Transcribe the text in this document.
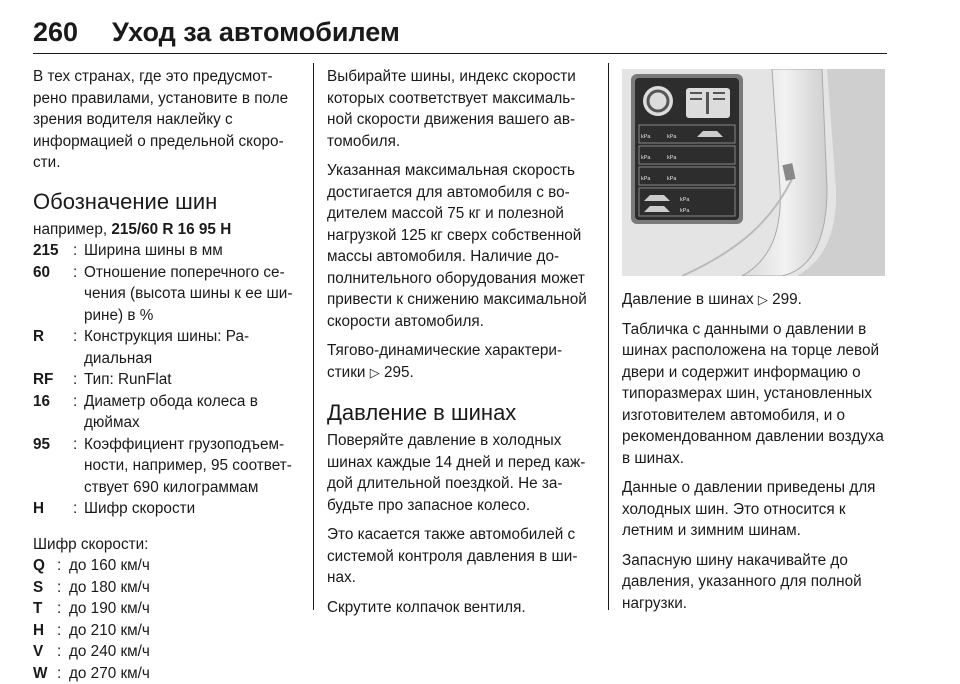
260 Уход за автомобилем

В тех странах, где это предусмотрено правилами, установите в поле зрения водителя наклейку с информацией о предельной скорости.

Обозначение шин
например, 215/60 R 16 95 H
215 : Ширина шины в мм
60	: Отношение поперечного сечения (высота шины к ее ширине) в %
R	: Конструкция шины: Радиальная
RF	: Тип: RunFlat
16	: Диаметр обода колеса в дюймах
95	: Коэффициент грузоподъемности, например, 95 соответствует 690 килограммам
H	: Шифр скорости

Шифр скорости:

Q : до 160 км/ч
S : до 180 км/ч
T : до 190 км/ч
H : до 210 км/ч
V : до 240 км/ч
W : до 270 км/ч

Выбирайте шины, индекс скорости которых соответствует максимальной скорости движения вашего автомобиля.

Указанная максимальная скорость достигается для автомобиля с водителем массой 75 кг и полезной нагрузкой 125 кг сверх собственной массы автомобиля. Наличие дополнительного оборудования может привести к снижению максимальной скорости автомобиля.

Тягово-динамические характеристики ▷ 295.

Давление в шинах

Поверяйте давление в холодных шинах каждые 14 дней и перед каждой длительной поездкой. Не забудьте про запасное колесо.

Это касается также автомобилей с системой контроля давления в шинах.

Скрутите колпачок вентиля.

kPa	kPa
kPa	kPa
kPa	kPa
kPa
kPa

Давление в шинах ▷ 299.

Табличка с данными о давлении в шинах расположена на торце левой двери и содержит информацию о типоразмерах шин, установленных изготовителем автомобиля, и о рекомендованном давлении воздуха в шинах.

Данные о давлении приведены для холодных шин. Это относится к летним и зимним шинам.

Запасную шину накачивайте до давления, указанного для полной нагрузки.
